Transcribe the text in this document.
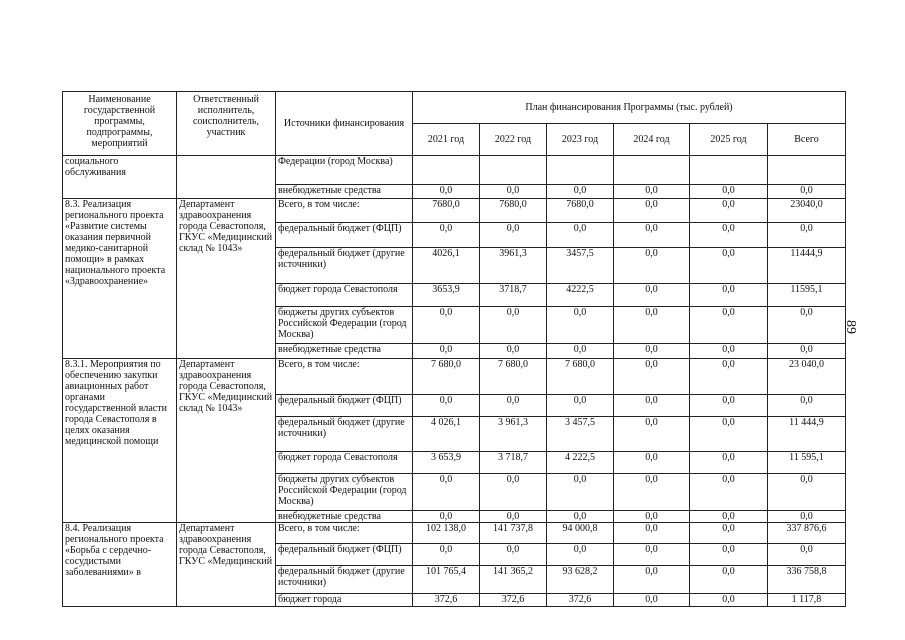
89
Наименование государственной программы, подпрограммы, мероприятий	Ответственный исполнитель, соисполнитель, участник	Источники финансирования	План финансирования Программы (тыс. рублей)					
			2021 год	2022 год	2023 год	2024 год	2025 год	Всего
социального обслуживания		Федерации (город Москва)						
		внебюджетные средства	0,0	0,0	0,0	0,0	0,0	0,0
8.3. Реализация регионального проекта «Развитие системы оказания первичной медико-санитарной помощи» в рамках национального проекта «Здравоохранение»	Департамент здравоохранения города Севастополя, ГКУС «Медицинский склад № 1043»	Всего, в том числе:	7680,0	7680,0	7680,0	0,0	0,0	23040,0
		федеральный бюджет (ФЦП)	0,0	0,0	0,0	0,0	0,0	0,0
		федеральный бюджет (другие источники)	4026,1	3961,3	3457,5	0,0	0,0	11444,9
		бюджет города Севастополя	3653,9	3718,7	4222,5	0,0	0,0	11595,1
		бюджеты других субъектов Российской Федерации (город Москва)	0,0	0,0	0,0	0,0	0,0	0,0
		внебюджетные средства	0,0	0,0	0,0	0,0	0,0	0,0
8.3.1. Мероприятия по обеспечению закупки авиационных работ органами государственной власти города Севастополя в целях оказания медицинской помощи	Департамент здравоохранения города Севастополя, ГКУС «Медицинский склад № 1043»	Всего, в том числе:	7 680,0	7 680,0	7 680,0	0,0	0,0	23 040,0
		федеральный бюджет (ФЦП)	0,0	0,0	0,0	0,0	0,0	0,0
		федеральный бюджет (другие источники)	4 026,1	3 961,3	3 457,5	0,0	0,0	11 444,9
		бюджет города Севастополя	3 653,9	3 718,7	4 222,5	0,0	0,0	11 595,1
		бюджеты других субъектов Российской Федерации (город Москва)	0,0	0,0	0,0	0,0	0,0	0,0
		внебюджетные средства	0,0	0,0	0,0	0,0	0,0	0,0
8.4. Реализация регионального проекта «Борьба с сердечно-сосудистыми заболеваниями» в	Департамент здравоохранения города Севастополя, ГКУС «Медицинский	Всего, в том числе:	102 138,0	141 737,8	94 000,8	0,0	0,0	337 876,6
		федеральный бюджет (ФЦП)	0,0	0,0	0,0	0,0	0,0	0,0
		федеральный бюджет (другие источники)	101 765,4	141 365,2	93 628,2	0,0	0,0	336 758,8
		бюджет города	372,6	372,6	372,6	0,0	0,0	1 117,8
